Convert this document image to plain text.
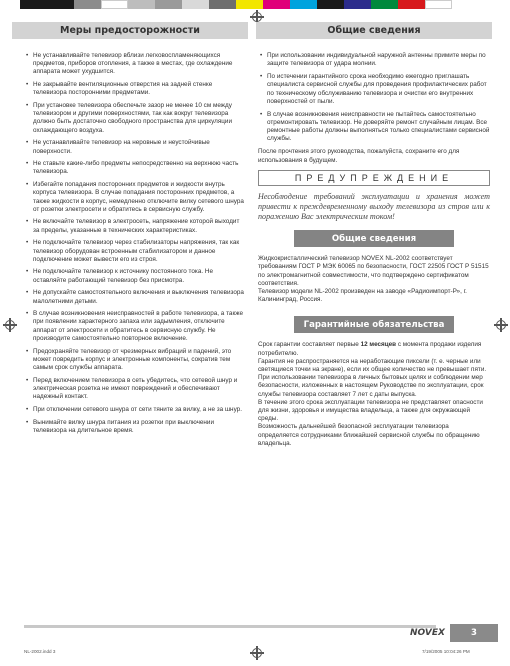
Меры предосторожности	Общие сведения

• Не устанавливайте телевизор вблизи легковоспламеняющихся предметов, приборов отопления, а также в местах, где охлаждение аппарата может ухудшится.

• Не закрывайте вентиляционные отверстия на задней стенке телевизора посторонними предметами.

• При установке телевизора обеспечьте зазор не менее 10 см между телевизором и другими поверхностями, так как вокруг телевизора должно быть достаточно свободного пространства для циркуляции охлаждающего воздуха.

• Не устанавливайте телевизор на неровные и неустойчивые поверхности.

• Не ставьте какие-либо предметы непосредственно на верхнюю часть телевизора.

• Избегайте попадания посторонних предметов и жидкости внутрь корпуса телевизора. В случае попадания посторонних предметов, а также жидкости в корпус, немедленно отключите вилку сетевого шнура от розетки электросети и обратитесь в сервисную службу.

• Не включайте телевизор в электросеть, напряжение которой выходит за пределы, указанные в технических характеристиках.

• Не подключайте телевизор через стабилизаторы напряжения, так как телевизор оборудован встроенным стабилизатором и данное подключение может вывести его из строя.

• Не подключайте телевизор к источнику постоянного тока. Не оставляйте работающий телевизор без присмотра.

• Не допускайте самостоятельного включения и выключения телевизора малолетними детьми.

• В случае возникновения неисправностей в работе телевизора, а также при появлении характерного запаха или задымления, отключите аппарат от электросети и обратитесь в сервисную службу. Не производите самостоятельно повторное включение.

• Предохраняйте телевизор от чрезмерных вибраций и падений, это может повредить корпус и электронные компоненты, сократив тем самым срок службы аппарата.

• Перед включением телевизора в сеть убедитесь, что сетевой шнур и электрическая розетка не имеют повреждений и обеспечивают надежный контакт.

• При отключении сетевого шнура от сети тяните за вилку, а не за шнур.

• Вынимайте вилку шнура питания из розетки при выключении телевизора на длительное время.

• При использовании индивидуальной наружной антенны примите меры по защите телевизора от удара молнии.

• По истечении гарантийного срока необходимо ежегодно приглашать специалиста сервисной службы для проведения профилактических работ по техническому обслуживанию телевизора и очистки его внутренних поверхностей от пыли.

• В случае возникновения неисправности не пытайтесь самостоятельно отремонтировать телевизор. Не доверяйте ремонт случайным лицам. Все ремонтные работы должны выполняться только специалистами сервисной службы.

После прочтения этого руководства, пожалуйста, сохраните его для использования в будущем.

ПРЕДУПРЕЖДЕНИЕ
Несоблюдение требований эксплуатации и хранения может привести к преждевременному выходу телевизора из строя или к поражению Вас электрическим током!
Общие сведения

Жидкокристаллический телевизор NOVEX NL-2002 соответствует требованиям ГОСТ Р МЭК 60065 по безопасности, ГОСТ 22505 ГОСТ Р 51515 по электромагнитной совместимости, что подтверждено сертификатом соответствия.

Телевизор модели NL-2002 произведен на заводе «Радиоимпорт-Р», г. Калининград, Россия.

Гарантийные обязательства

Срок гарантии составляет первые 12 месяцев с момента продажи изделия потребителю.

Гарантия не распространяется на неработающие пиксели (т. е. черные или светящиеся точки на экране), если их общее количество не превышает пяти.

При использовании телевизора в личных бытовых целях и соблюдении мер безопасности, изложенных в настоящем Руководстве по эксплуатации, срок службы телевизора составляет 7 лет с даты выпуска.

В течение этого срока эксплуатации телевизора не представляет опасности для жизни, здоровья и имущества владельца, а также для окружающей среды.

Возможность дальнейшей безопасной эксплуатации телевизора определяется сотрудниками ближайшей сервисной службы по обращению владельца.

NOVEX	3
NL-2002.indd 3	7/19/2005 10:04:26 PM
